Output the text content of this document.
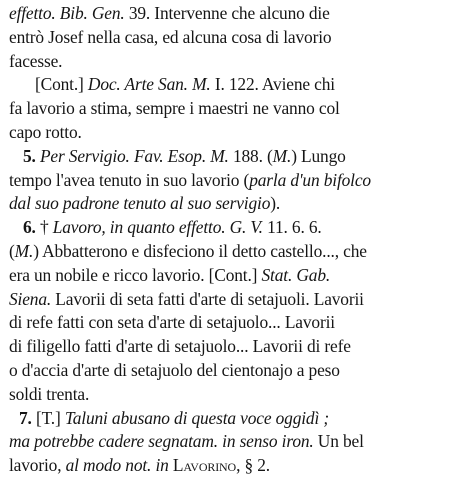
effetto. Bib. Gen. 39. Intervenne che alcuno die
entrò Josef nella casa, ed alcuna cosa di lavorio
facesse.
[Cont.] Doc. Arte San. M. I. 122. Aviene chi
fa lavorio a stima, sempre i maestri ne vanno col
capo rotto.
5. Per Servigio. Fav. Esop. M. 188. (M.) Lungo
tempo l'avea tenuto in suo lavorio (parla d'un bifolco
dal suo padrone tenuto al suo servigio).
6. † Lavoro, in quanto effetto. G. V. 11. 6. 6.
(M.) Abbatterono e disfeciono il detto castello..., che
era un nobile e ricco lavorio. [Cont.] Stat. Gab.
Siena. Lavorii di seta fatti d'arte di setajuoli. Lavorii
di refe fatti con seta d'arte di setajuolo... Lavorii
di filigello fatti d'arte di setajuolo... Lavorii di refe
o d'accia d'arte di setajuolo del cientonajo a peso
soldi trenta.
7. [T.] Taluni abusano di questa voce oggidì ;
ma potrebbe cadere segnatam. in senso iron. Un bel
lavorio, al modo not. in Lavorino, § 2.
